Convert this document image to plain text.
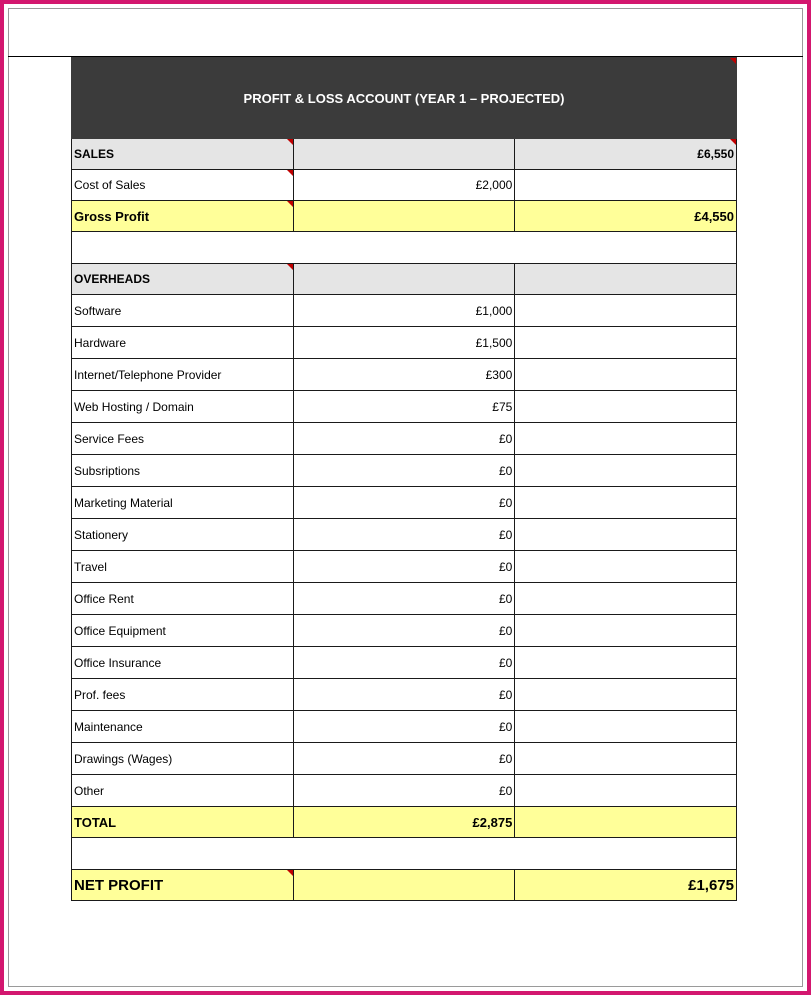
PROFIT & LOSS ACCOUNT (YEAR 1 – PROJECTED)		
SALES		£6,550
Cost of Sales	£2,000	
Gross Profit		£4,550

OVERHEADS		
Software	£1,000	
Hardware	£1,500	
Internet/Telephone Provider	£300	
Web Hosting / Domain	£75	
Service Fees	£0	
Subsriptions	£0	
Marketing Material	£0	
Stationery	£0	
Travel	£0	
Office Rent	£0	
Office Equipment	£0	
Office Insurance	£0	
Prof. fees	£0	
Maintenance	£0	
Drawings (Wages)	£0	
Other	£0	
TOTAL	£2,875	

NET PROFIT		£1,675
